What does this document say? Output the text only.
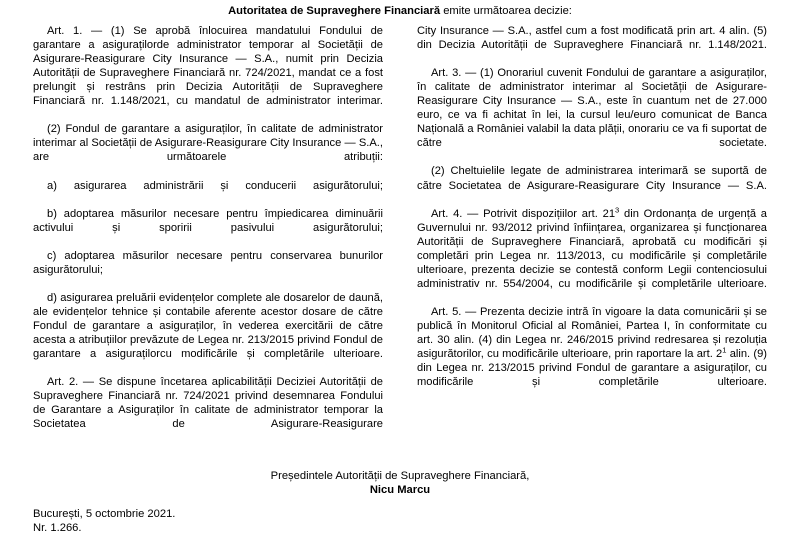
Autoritatea de Supraveghere Financiară emite următoarea decizie:

Art. 1. — (1) Se aprobă înlocuirea mandatului Fondului de garantare a asigurațilorde administrator temporar al Societății de Asigurare-Reasigurare City Insurance — S.A., numit prin Decizia Autorității de Supraveghere Financiară nr. 724/2021, mandat ce a fost prelungit și restrâns prin Decizia Autorității de Supraveghere Financiară nr. 1.148/2021, cu mandatul de administrator interimar.

(2) Fondul de garantare a asiguraților, în calitate de administrator interimar al Societății de Asigurare-Reasigurare City Insurance — S.A., are următoarele atribuții:

a) asigurarea administrării și conducerii asigurătorului;

b) adoptarea măsurilor necesare pentru împiedicarea diminuării activului și sporirii pasivului asigurătorului;

c) adoptarea măsurilor necesare pentru conservarea bunurilor asigurătorului;

d) asigurarea preluării evidențelor complete ale dosarelor de daună, ale evidențelor tehnice și contabile aferente acestor dosare de către Fondul de garantare a asiguraților, în vederea exercitării de către acesta a atribuțiilor prevăzute de Legea nr. 213/2015 privind Fondul de garantare a asigurațilorcu modificările și completările ulterioare.

Art. 2. — Se dispune încetarea aplicabilității Deciziei Autorității de Supraveghere Financiară nr. 724/2021 privind desemnarea Fondului de Garantare a Asiguraților în calitate de administrator temporar la Societatea de Asigurare-Reasigurare

City Insurance — S.A., astfel cum a fost modificată prin art. 4 alin. (5) din Decizia Autorității de Supraveghere Financiară nr. 1.148/2021.

Art. 3. — (1) Onorariul cuvenit Fondului de garantare a asiguraților, în calitate de administrator interimar al Societății de Asigurare-Reasigurare City Insurance — S.A., este în cuantum net de 27.000 euro, ce va fi achitat în lei, la cursul leu/euro comunicat de Banca Națională a României valabil la data plății, onorariu ce va fi suportat de către societate.

(2) Cheltuielile legate de administrarea interimară se suportă de către Societatea de Asigurare-Reasigurare City Insurance — S.A.

Art. 4. — Potrivit dispozițiilor art. $21^3$ din Ordonanța de urgență a Guvernului nr. 93/2012 privind înființarea, organizarea și funcționarea Autorității de Supraveghere Financiară, aprobată cu modificări și completări prin Legea nr. 113/2013, cu modificările și completările ulterioare, prezenta decizie se contestă conform Legii contenciosului administrativ nr. 554/2004, cu modificările și completările ulterioare.

Art. 5. — Prezenta decizie intră în vigoare la data comunicării și se publică în Monitorul Oficial al României, Partea I, în conformitate cu art. 30 alin. (4) din Legea nr. 246/2015 privind redresarea și rezoluția asigurătorilor, cu modificările ulterioare, prin raportare la art. $2^1$ alin. (9) din Legea nr. 213/2015 privind Fondul de garantare a asiguraților, cu modificările și completările ulterioare.

Președintele Autorității de Supraveghere Financiară,
Nicu Marcu
București, 5 octombrie 2021.
Nr. 1.266.
